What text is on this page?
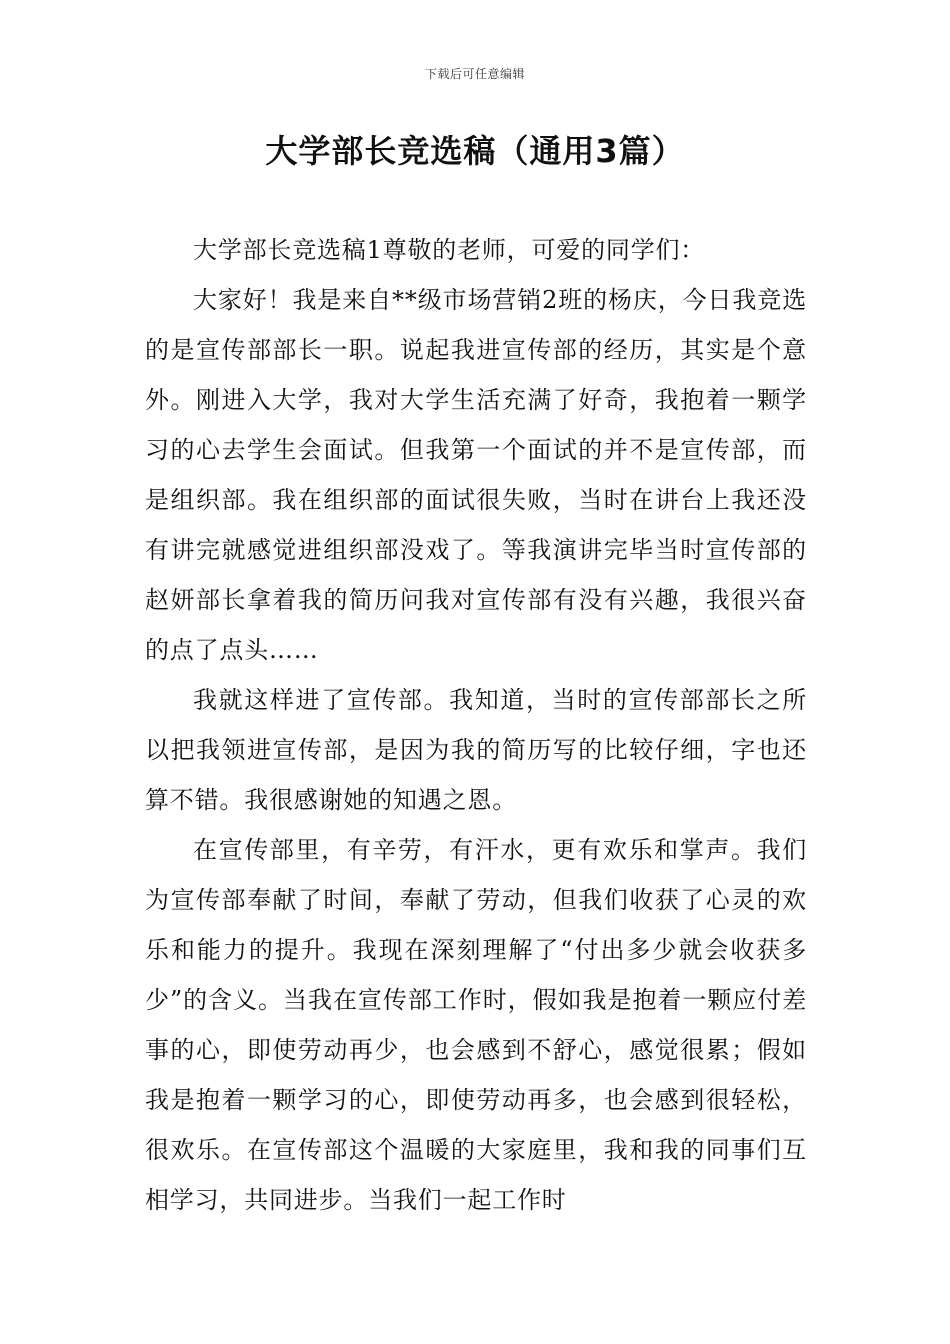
下载后可任意编辑
大学部长竞选稿（通用3篇）

大学部长竞选稿1尊敬的老师，可爱的同学们：

大家好！我是来自**级市场营销2班的杨庆，今日我竞选的是宣传部部长一职。说起我进宣传部的经历，其实是个意外。刚进入大学，我对大学生活充满了好奇，我抱着一颗学习的心去学生会面试。但我第一个面试的并不是宣传部，而是组织部。我在组织部的面试很失败，当时在讲台上我还没有讲完就感觉进组织部没戏了。等我演讲完毕当时宣传部的赵妍部长拿着我的简历问我对宣传部有没有兴趣，我很兴奋的点了点头……

我就这样进了宣传部。我知道，当时的宣传部部长之所以把我领进宣传部，是因为我的简历写的比较仔细，字也还算不错。我很感谢她的知遇之恩。

在宣传部里，有辛劳，有汗水，更有欢乐和掌声。我们为宣传部奉献了时间，奉献了劳动，但我们收获了心灵的欢乐和能力的提升。我现在深刻理解了“付出多少就会收获多少”的含义。当我在宣传部工作时，假如我是抱着一颗应付差事的心，即使劳动再少，也会感到不舒心，感觉很累；假如我是抱着一颗学习的心，即使劳动再多，也会感到很轻松，很欢乐。在宣传部这个温暖的大家庭里，我和我的同事们互相学习，共同进步。当我们一起工作时
